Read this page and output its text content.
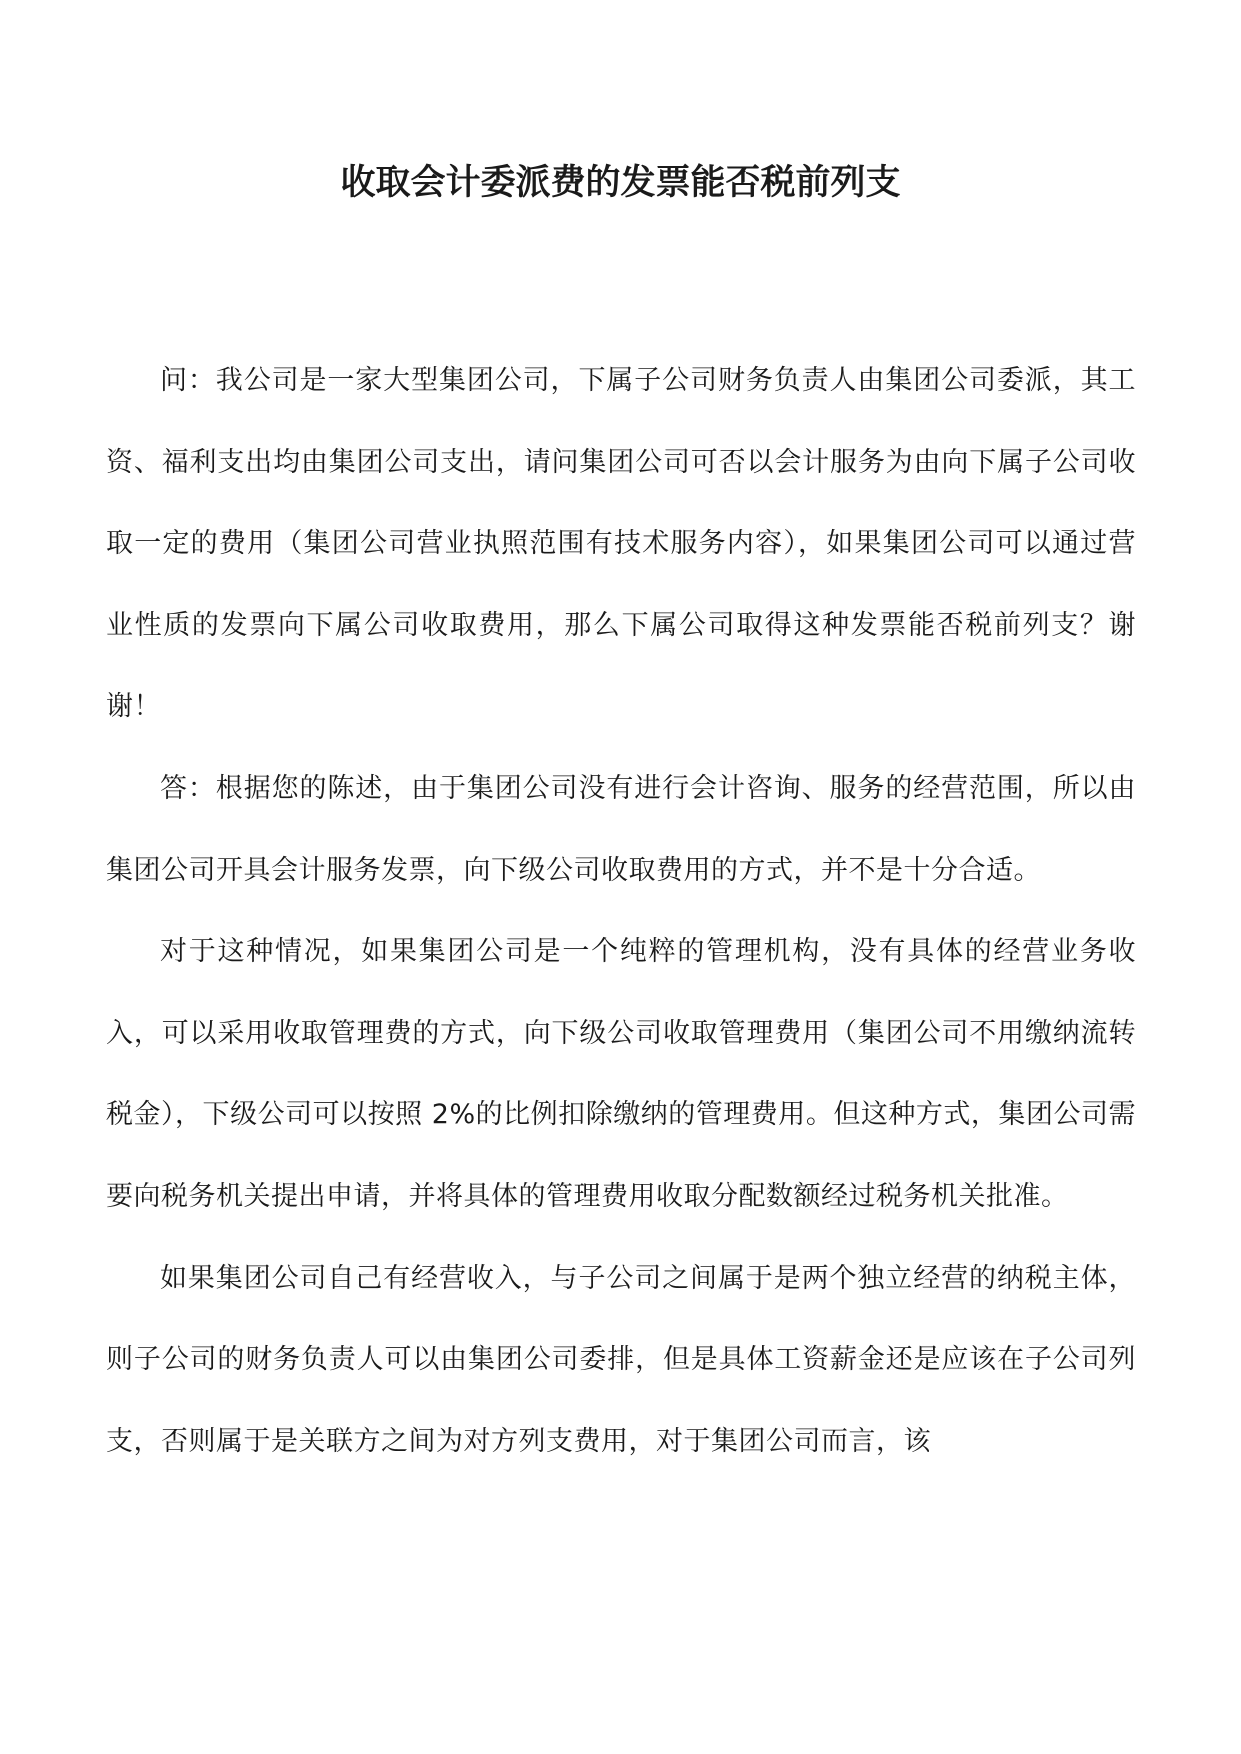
收取会计委派费的发票能否税前列支

问：我公司是一家大型集团公司，下属子公司财务负责人由集团公司委派，其工资、福利支出均由集团公司支出，请问集团公司可否以会计服务为由向下属子公司收取一定的费用（集团公司营业执照范围有技术服务内容），如果集团公司可以通过营业性质的发票向下属公司收取费用，那么下属公司取得这种发票能否税前列支？谢谢！

答：根据您的陈述，由于集团公司没有进行会计咨询、服务的经营范围，所以由集团公司开具会计服务发票，向下级公司收取费用的方式，并不是十分合适。

对于这种情况，如果集团公司是一个纯粹的管理机构，没有具体的经营业务收入，可以采用收取管理费的方式，向下级公司收取管理费用（集团公司不用缴纳流转税金），下级公司可以按照 2%的比例扣除缴纳的管理费用。但这种方式，集团公司需要向税务机关提出申请，并将具体的管理费用收取分配数额经过税务机关批准。

如果集团公司自己有经营收入，与子公司之间属于是两个独立经营的纳税主体，则子公司的财务负责人可以由集团公司委排，但是具体工资薪金还是应该在子公司列支，否则属于是关联方之间为对方列支费用，对于集团公司而言，该
